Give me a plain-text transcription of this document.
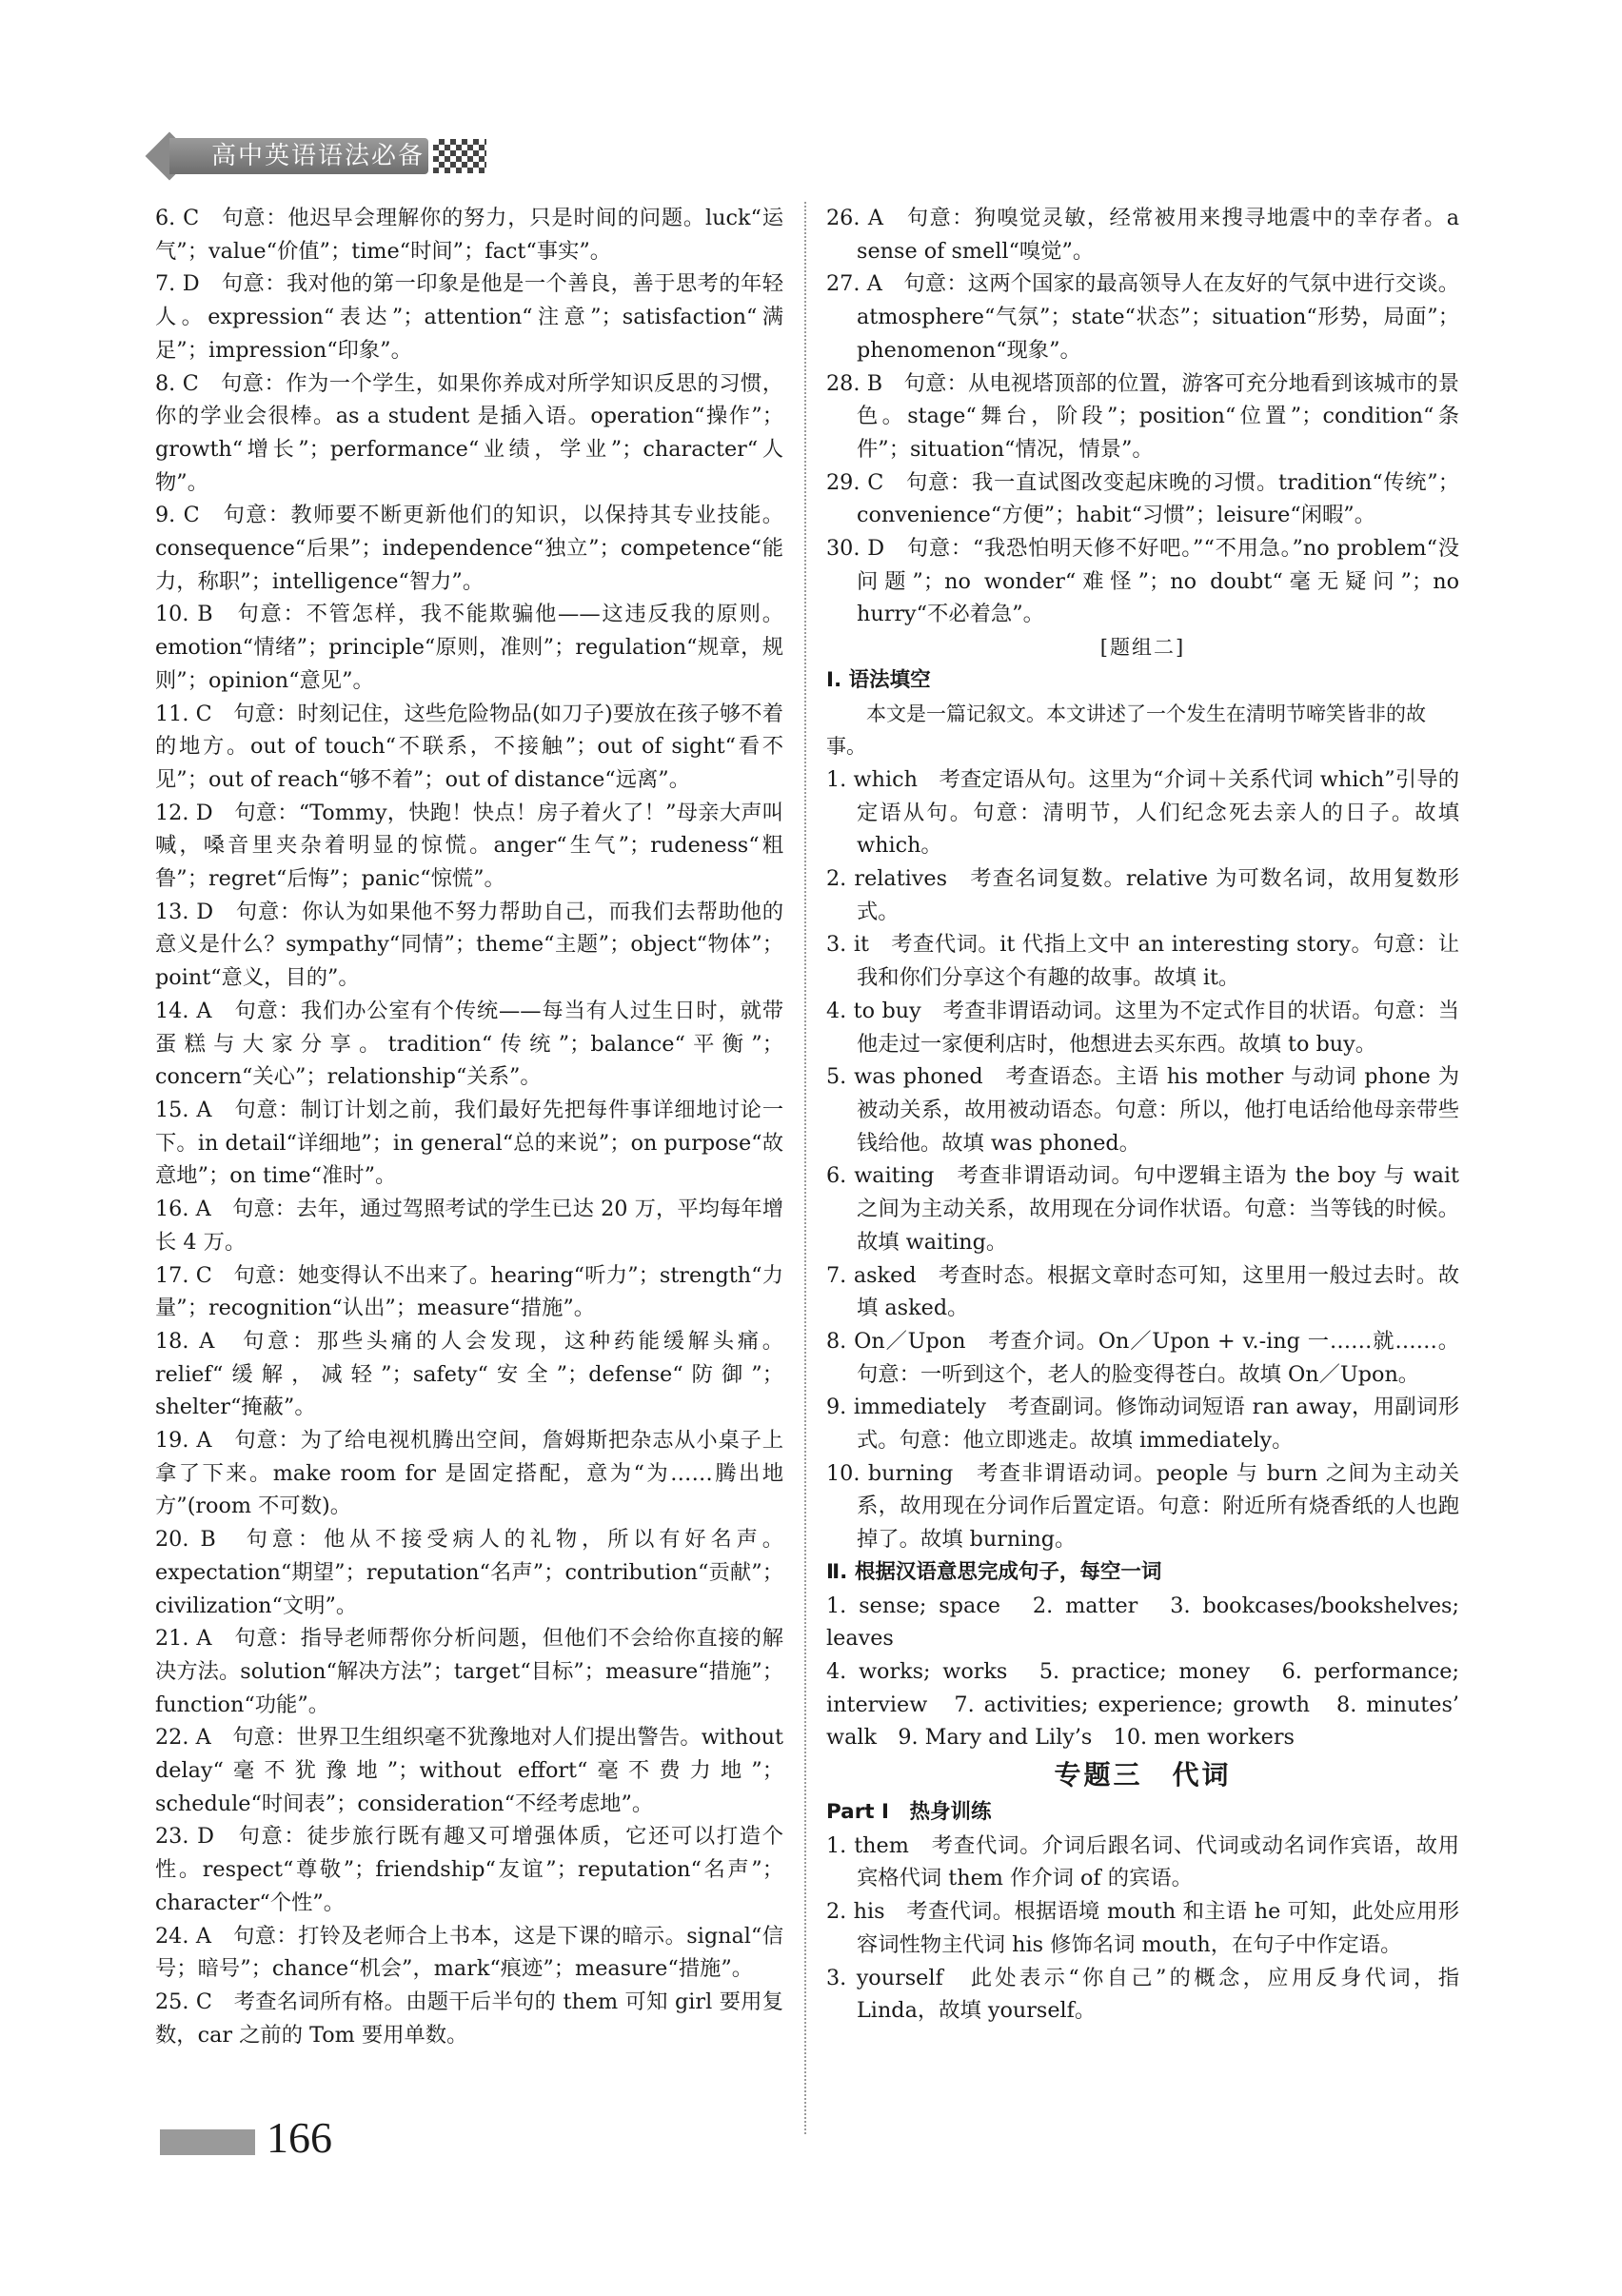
高中英语语法必备
6. C　句意：他迟早会理解你的努力，只是时间的问题。luck“运气”；value“价值”；time“时间”；fact“事实”。
7. D　句意：我对他的第一印象是他是一个善良，善于思考的年轻人。expression“表达”；attention“注意”；satisfaction“满足”；impression“印象”。
8. C　句意：作为一个学生，如果你养成对所学知识反思的习惯，你的学业会很棒。as a student 是插入语。operation“操作”；growth“增长”；performance“业绩，学业”；character“人物”。
9. C　句意：教师要不断更新他们的知识，以保持其专业技能。consequence“后果”；independence“独立”；competence“能力，称职”；intelligence“智力”。
10. B　句意：不管怎样，我不能欺骗他——这违反我的原则。emotion“情绪”；principle“原则，准则”；regulation“规章，规则”；opinion“意见”。
11. C　句意：时刻记住，这些危险物品(如刀子)要放在孩子够不着的地方。out of touch“不联系，不接触”；out of sight“看不见”；out of reach“够不着”；out of distance“远离”。
12. D　句意：“Tommy，快跑！快点！房子着火了！”母亲大声叫喊，嗓音里夹杂着明显的惊慌。anger“生气”；rudeness“粗鲁”；regret“后悔”；panic“惊慌”。
13. D　句意：你认为如果他不努力帮助自己，而我们去帮助他的意义是什么？sympathy“同情”；theme“主题”；object“物体”；point“意义，目的”。
14. A　句意：我们办公室有个传统——每当有人过生日时，就带蛋糕与大家分享。tradition“传统”；balance“平衡”；concern“关心”；relationship“关系”。
15. A　句意：制订计划之前，我们最好先把每件事详细地讨论一下。in detail“详细地”；in general“总的来说”；on purpose“故意地”；on time“准时”。
16. A　句意：去年，通过驾照考试的学生已达 20 万，平均每年增长 4 万。
17. C　句意：她变得认不出来了。hearing“听力”；strength“力量”；recognition“认出”；measure“措施”。
18. A　句意：那些头痛的人会发现，这种药能缓解头痛。relief“缓解，减轻”；safety“安全”；defense“防御”；shelter“掩蔽”。
19. A　句意：为了给电视机腾出空间，詹姆斯把杂志从小桌子上拿了下来。make room for 是固定搭配，意为“为……腾出地方”(room 不可数)。
20. B　句意：他从不接受病人的礼物，所以有好名声。expectation“期望”；reputation“名声”；contribution“贡献”；civilization“文明”。
21. A　句意：指导老师帮你分析问题，但他们不会给你直接的解决方法。solution“解决方法”；target“目标”；measure“措施”；function“功能”。
22. A　句意：世界卫生组织毫不犹豫地对人们提出警告。without delay“毫不犹豫地”；without effort“毫不费力地”；schedule“时间表”；consideration“不经考虑地”。
23. D　句意：徒步旅行既有趣又可增强体质，它还可以打造个性。respect“尊敬”；friendship“友谊”；reputation“名声”；character“个性”。
24. A　句意：打铃及老师合上书本，这是下课的暗示。signal“信号；暗号”；chance“机会”，mark“痕迹”；measure“措施”。
25. C　考查名词所有格。由题干后半句的 them 可知 girl 要用复数，car 之前的 Tom 要用单数。
26. A　句意：狗嗅觉灵敏，经常被用来搜寻地震中的幸存者。a sense of smell“嗅觉”。
27. A　句意：这两个国家的最高领导人在友好的气氛中进行交谈。atmosphere“气氛”；state“状态”；situation“形势，局面”；phenomenon“现象”。
28. B　句意：从电视塔顶部的位置，游客可充分地看到该城市的景色。stage“舞台，阶段”；position“位置”；condition“条件”；situation“情况，情景”。
29. C　句意：我一直试图改变起床晚的习惯。tradition“传统”；convenience“方便”；habit“习惯”；leisure“闲暇”。
30. D　句意：“我恐怕明天修不好吧。”“不用急。”no problem“没问题”；no wonder“难怪”；no doubt“毫无疑问”；no hurry“不必着急”。
[题组二]
Ⅰ. 语法填空
本文是一篇记叙文。本文讲述了一个发生在清明节啼笑皆非的故事。
1. which　考查定语从句。这里为“介词＋关系代词 which”引导的定语从句。句意：清明节，人们纪念死去亲人的日子。故填 which。
2. relatives　考查名词复数。relative 为可数名词，故用复数形式。
3. it　考查代词。it 代指上文中 an interesting story。句意：让我和你们分享这个有趣的故事。故填 it。
4. to buy　考查非谓语动词。这里为不定式作目的状语。句意：当他走过一家便利店时，他想进去买东西。故填 to buy。
5. was phoned　考查语态。主语 his mother 与动词 phone 为被动关系，故用被动语态。句意：所以，他打电话给他母亲带些钱给他。故填 was phoned。
6. waiting　考查非谓语动词。句中逻辑主语为 the boy 与 wait 之间为主动关系，故用现在分词作状语。句意：当等钱的时候。故填 waiting。
7. asked　考查时态。根据文章时态可知，这里用一般过去时。故填 asked。
8. On／Upon　考查介词。On／Upon + v.-ing 一……就……。句意：一听到这个，老人的脸变得苍白。故填 On／Upon。
9. immediately　考查副词。修饰动词短语 ran away，用副词形式。句意：他立即逃走。故填 immediately。
10. burning　考查非谓语动词。people 与 burn 之间为主动关系，故用现在分词作后置定语。句意：附近所有烧香纸的人也跑掉了。故填 burning。
Ⅱ. 根据汉语意思完成句子，每空一词
1. sense; space　2. matter　3. bookcases/bookshelves; leaves
4. works; works　5. practice; money　6. performance;
interview　7. activities; experience; growth　8. minutes’
walk　9. Mary and Lily’s　10. men workers
专题三　代词
Part Ⅰ　热身训练
1. them　考查代词。介词后跟名词、代词或动名词作宾语，故用宾格代词 them 作介词 of 的宾语。
2. his　考查代词。根据语境 mouth 和主语 he 可知，此处应用形容词性物主代词 his 修饰名词 mouth，在句子中作定语。
3. yourself　此处表示“你自己”的概念，应用反身代词，指 Linda，故填 yourself。
166
